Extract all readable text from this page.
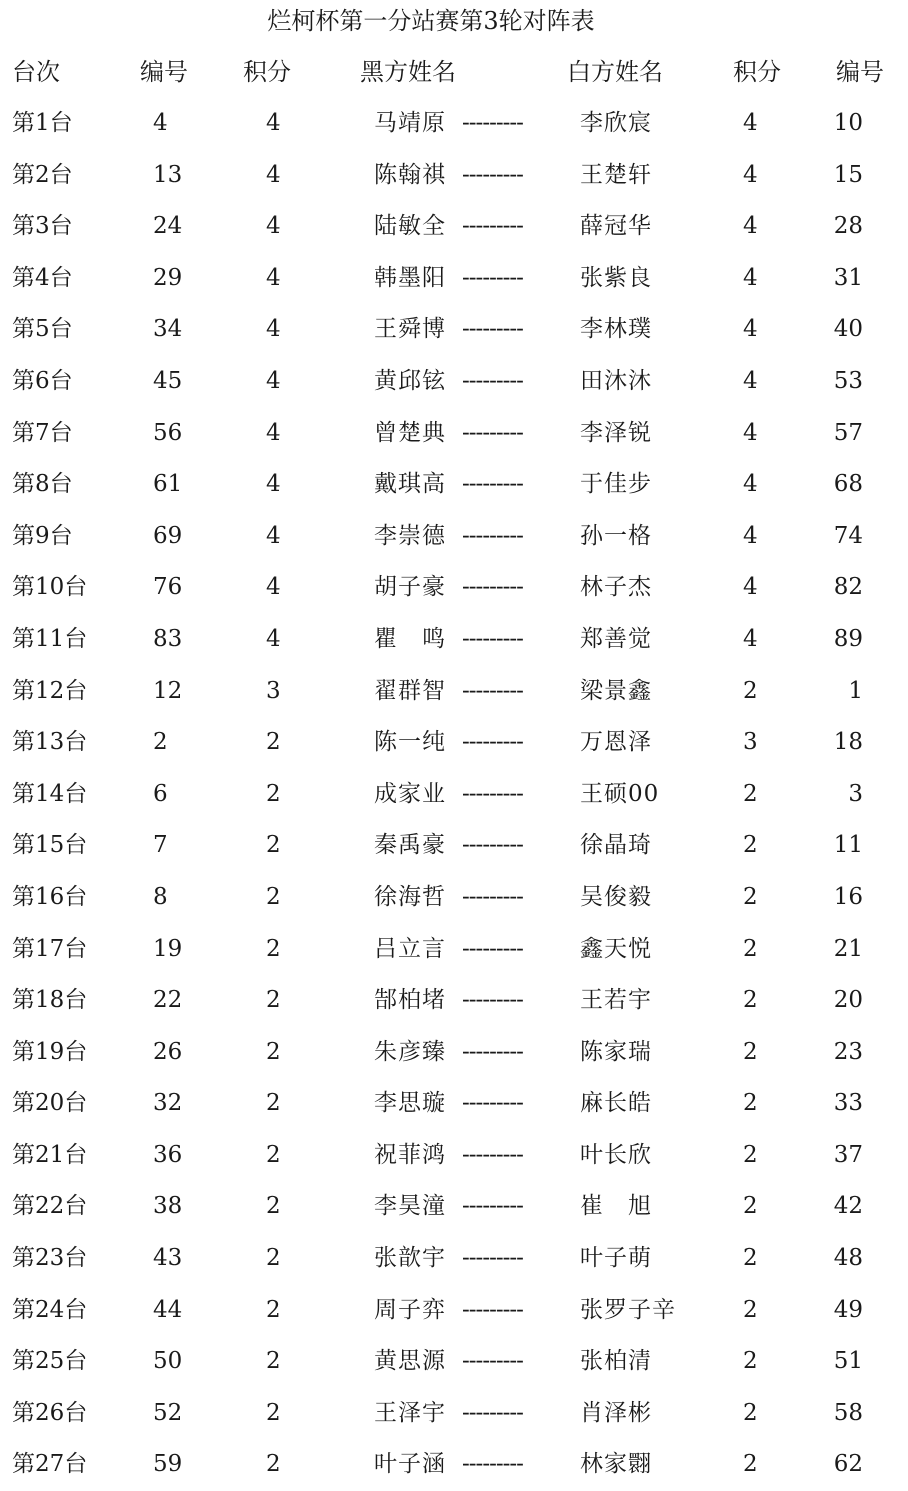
烂柯杯第一分站赛第3轮对阵表
台次	编号 积分	黑方姓名	白方姓名	积分 编号
第1台	4	4	马靖原 --------- 李欣宸	4	10
第2台	13	4	陈翰祺 --------- 王楚轩	4	15
第3台	24	4	陆敏全 --------- 薛冠华	4	28
第4台	29	4	韩墨阳 --------- 张紫良	4	31
第5台	34	4	王舜博 --------- 李林璞	4	40
第6台	45	4	黄邱铉 --------- 田沐沐	4	53
第7台	56	4	曾楚典 --------- 李泽锐	4	57
第8台	61	4	戴琪高 --------- 于佳步	4	68
第9台	69	4	李崇德 --------- 孙一格	4	74
第10台	76	4	胡子豪 --------- 林子杰	4	82
第11台	83	4	瞿　鸣 --------- 郑善觉	4	89
第12台	12	3	翟群智 --------- 梁景鑫	2	1
第13台	2	2	陈一纯 --------- 万恩泽	3	18
第14台	6	2	成家业 --------- 王硕00	2	3
第15台	7	2	秦禹豪 --------- 徐晶琦	2	11
第16台	8	2	徐海哲 --------- 吴俊毅	2	16
第17台	19	2	吕立言 --------- 鑫天悦	2	21
第18台	22	2	郜柏堵 --------- 王若宇	2	20
第19台	26	2	朱彦臻 --------- 陈家瑞	2	23
第20台	32	2	李思璇 --------- 麻长皓	2	33
第21台	36	2	祝菲鸿 --------- 叶长欣	2	37
第22台	38	2	李昊潼 --------- 崔　旭	2	42
第23台	43	2	张歆宇 --------- 叶子萌	2	48
第24台	44	2	周子弈 --------- 张罗子辛	2	49
第25台	50	2	黄思源 --------- 张柏清	2	51
第26台	52	2	王泽宇 --------- 肖泽彬	2	58
第27台	59	2	叶子涵 --------- 林家翾	2	62
